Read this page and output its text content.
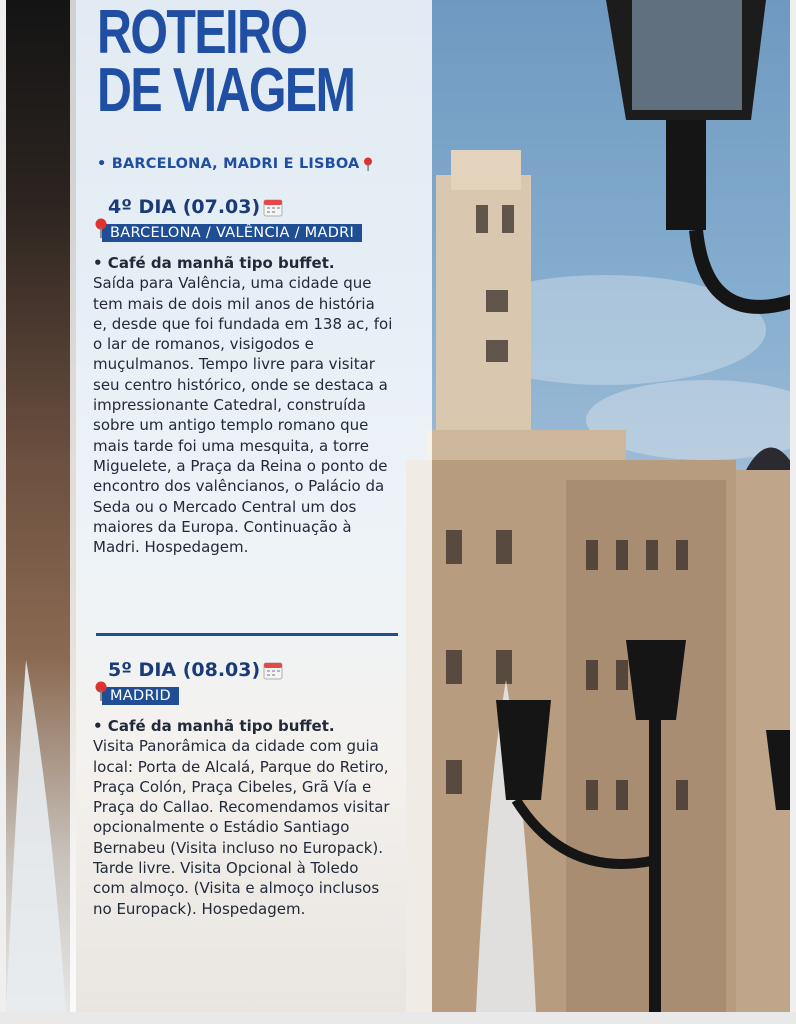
ROTEIRO
DE VIAGEM
• BARCELONA, MADRI E LISBOA
4º DIA (07.03)
BARCELONA / VALÊNCIA / MADRI
• Café da manhã tipo buffet.
Saída para Valência, uma cidade que tem mais de dois mil anos de história e, desde que foi fundada em 138 ac, foi o lar de romanos, visigodos e muçulmanos. Tempo livre para visitar seu centro histórico, onde se destaca a impressionante Catedral, construída sobre um antigo templo romano que mais tarde foi uma mesquita, a torre Miguelete, a Praça da Reina o ponto de encontro dos valêncianos, o Palácio da Seda ou o Mercado Central um dos maiores da Europa. Continuação à Madri. Hospedagem.
5º DIA (08.03)
MADRID
• Café da manhã tipo buffet.
Visita Panorâmica da cidade com guia local: Porta de Alcalá, Parque do Retiro, Praça Colón, Praça Cibeles, Grã Vía e Praça do Callao. Recomendamos visitar opcionalmente o Estádio Santiago Bernabeu (Visita incluso no Europack). Tarde livre. Visita Opcional à Toledo com almoço. (Visita e almoço inclusos no Europack). Hospedagem.
